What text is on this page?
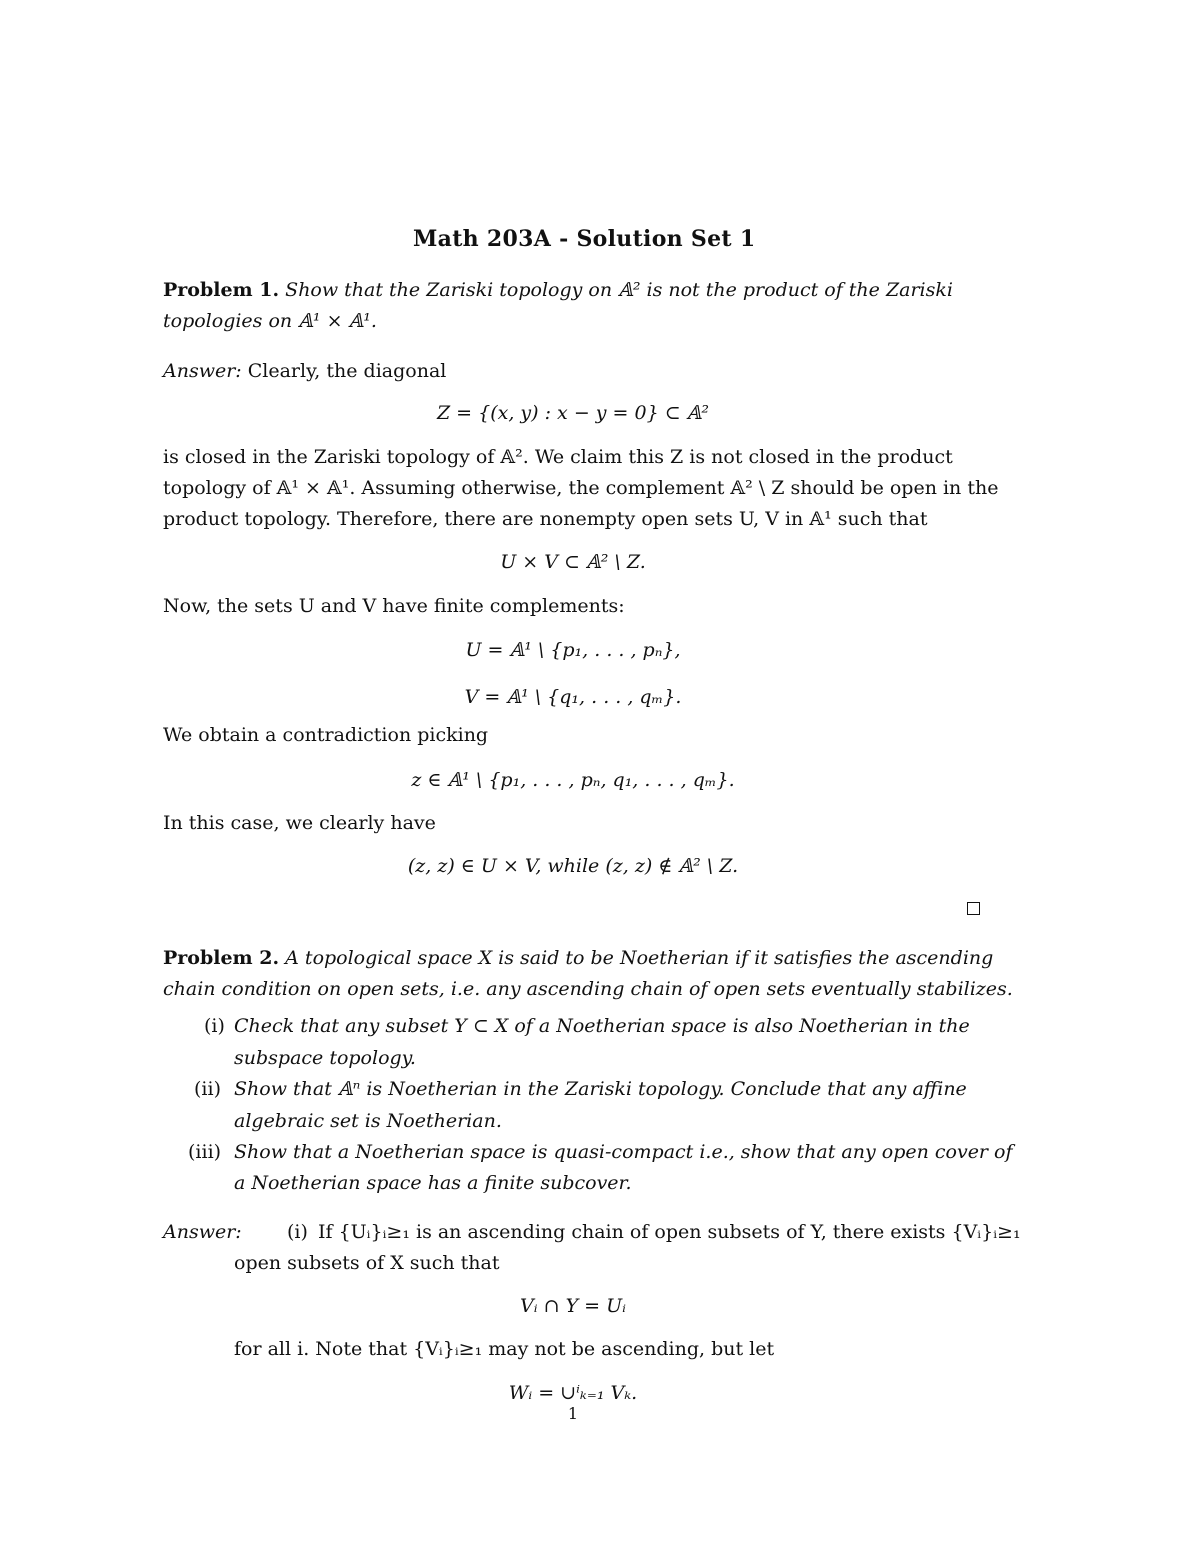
Math 203A - Solution Set 1
Problem 1. Show that the Zariski topology on 𝔸² is not the product of the Zariski
topologies on 𝔸¹ × 𝔸¹.
Answer: Clearly, the diagonal
Z = {(x, y) : x − y = 0} ⊂ 𝔸²
is closed in the Zariski topology of 𝔸². We claim this Z is not closed in the product
topology of 𝔸¹ × 𝔸¹. Assuming otherwise, the complement 𝔸² \ Z should be open in the
product topology. Therefore, there are nonempty open sets U, V in 𝔸¹ such that
U × V ⊂ 𝔸² \ Z.
Now, the sets U and V have finite complements:
U = 𝔸¹ \ {p₁, . . . , pₙ},
V = 𝔸¹ \ {q₁, . . . , qₘ}.
We obtain a contradiction picking
z ∈ 𝔸¹ \ {p₁, . . . , pₙ, q₁, . . . , qₘ}.
In this case, we clearly have
(z, z) ∈ U × V, while (z, z) ∉ 𝔸² \ Z.
Problem 2. A topological space X is said to be Noetherian if it satisfies the ascending
chain condition on open sets, i.e. any ascending chain of open sets eventually stabilizes.
(i) Check that any subset Y ⊂ X of a Noetherian space is also Noetherian in the
subspace topology.
(ii) Show that 𝔸ⁿ is Noetherian in the Zariski topology. Conclude that any affine
algebraic set is Noetherian.
(iii) Show that a Noetherian space is quasi-compact i.e., show that any open cover of
a Noetherian space has a finite subcover.
Answer: (i) If {Uᵢ}ᵢ≥₁ is an ascending chain of open subsets of Y, there exists {Vᵢ}ᵢ≥₁
open subsets of X such that
Vᵢ ∩ Y = Uᵢ
for all i. Note that {Vᵢ}ᵢ≥₁ may not be ascending, but let
Wᵢ = ∪ⁱₖ₌₁ Vₖ.
1
